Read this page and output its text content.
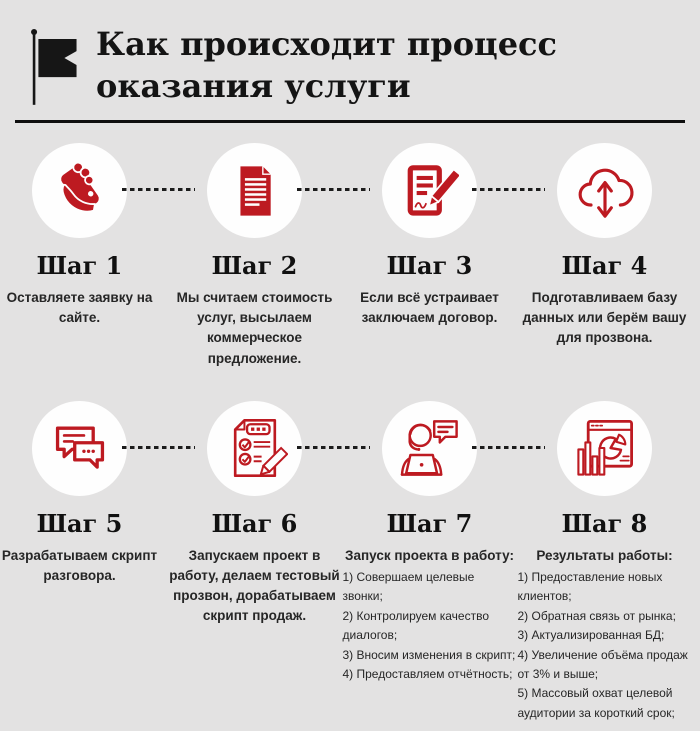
Как происходит процесс оказания услуги
Шаг 1
Оставляете заявку на сайте.
Шаг 2
Мы считаем стоимость услуг, высылаем коммерческое предложение.
Шаг 3
Если всё устраивает заключаем договор.
Шаг 4
Подготавливаем базу данных или берём вашу для прозвона.
Шаг 5
Разрабатываем скрипт разговора.
Шаг 6
Запускаем проект в работу, делаем тестовый прозвон, дорабатываем скрипт продаж.
Шаг 7
Запуск проекта в работу:
1) Совершаем целевые звонки;
2) Контролируем качество диалогов;
3) Вносим изменения в скрипт;
4) Предоставляем отчётность;
Шаг 8
Результаты работы:
1) Предоставление новых клиентов;
2) Обратная связь от рынка;
3) Актуализированная БД;
4) Увеличение объёма продаж от 3% и выше;
5) Массовый охват целевой аудитории за короткий срок;
